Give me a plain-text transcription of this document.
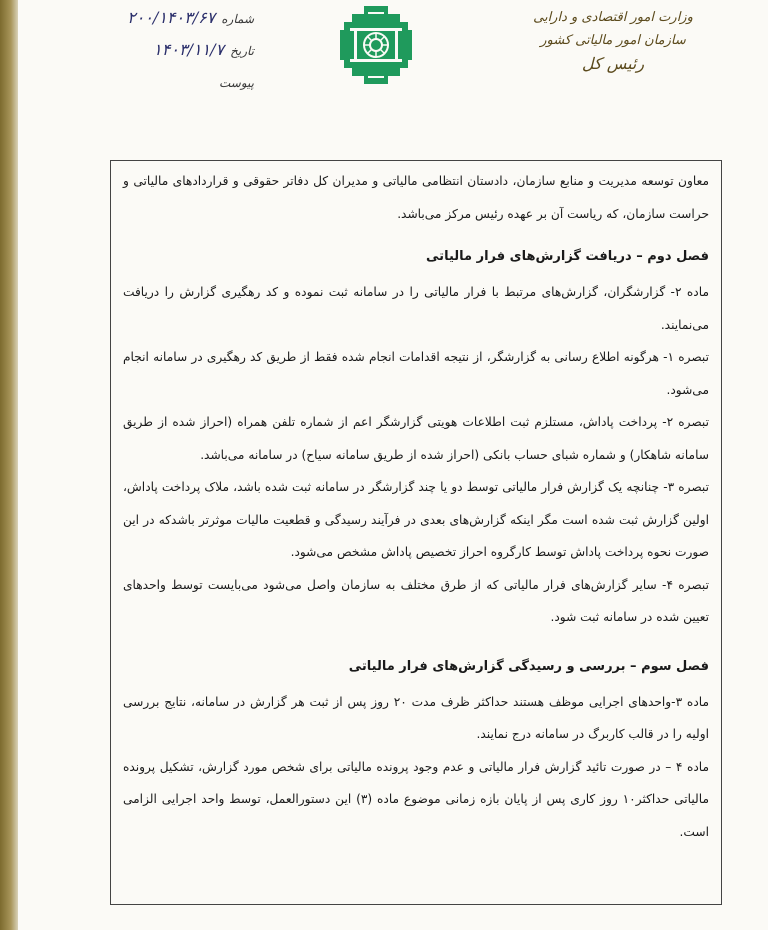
وزارت امور اقتصادی و دارایی
سازمان امور مالیاتی کشور
رئیس کل
شماره۲۰۰/۱۴۰۳/۶۷
تاریخ۱۴۰۳/۱۱/۷
پیوست

معاون توسعه مدیریت و منابع سازمان، دادستان انتظامی مالیاتی و مدیران کل دفاتر حقوقی و قراردادهای مالیاتی و حراست سازمان، که ریاست آن بر عهده رئیس مرکز می‌باشد.

فصل دوم – دریافت گزارش‌های فرار مالیاتی

ماده ۲- گزارشگران، گزارش‌های مرتبط با فرار مالیاتی را در سامانه ثبت نموده و کد رهگیری گزارش را دریافت می‌نمایند.

تبصره ۱- هرگونه اطلاع رسانی به گزارشگر، از نتیجه اقدامات انجام شده فقط از طریق کد رهگیری در سامانه انجام می‌شود.

تبصره ۲- پرداخت پاداش، مستلزم ثبت اطلاعات هویتی گزارشگر اعم از شماره تلفن همراه (احراز شده از طریق سامانه شاهکار) و شماره شبای حساب بانکی (احراز شده از طریق سامانه سیاح) در سامانه می‌باشد.

تبصره ۳- چنانچه یک گزارش فرار مالیاتی توسط دو یا چند گزارشگر در سامانه ثبت شده باشد، ملاک پرداخت پاداش، اولین گزارش ثبت شده است مگر اینکه گزارش‌های بعدی در فرآیند رسیدگی و قطعیت مالیات موثرتر باشدکه در این صورت نحوه پرداخت پاداش توسط کارگروه احراز تخصیص پاداش مشخص می‌شود.

تبصره ۴- سایر گزارش‌های فرار مالیاتی که از طرق مختلف به سازمان واصل می‌شود می‌بایست توسط واحدهای تعیین شده در سامانه ثبت شود.

فصل سوم – بررسی و رسیدگی گزارش‌های فرار مالیاتی

ماده ۳-واحدهای اجرایی موظف هستند حداکثر ظرف مدت ۲۰ روز پس از ثبت هر گزارش در سامانه، نتایج بررسی اولیه را در قالب کاربرگ در سامانه درج نمایند.

ماده ۴ – در صورت تائید گزارش فرار مالیاتی و عدم وجود پرونده مالیاتی برای شخص مورد گزارش، تشکیل پرونده مالیاتی حداکثر۱۰ روز کاری پس از پایان بازه زمانی موضوع ماده (۳) این دستورالعمل، توسط واحد اجرایی الزامی است.
